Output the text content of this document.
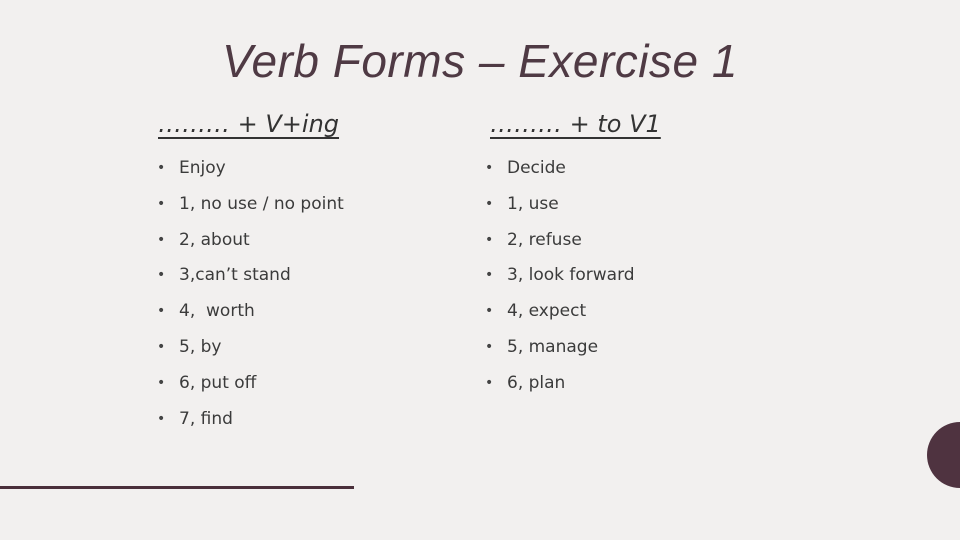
Verb Forms – Exercise 1
……… + V+ing	……… + to V1
• Enjoy
• 1, no use / no point
• 2, about
• 3,can’t stand
• 4,  worth
• 5, by
• 6, put off
• 7, find
• Decide
• 1, use
• 2, refuse
• 3, look forward
• 4, expect
• 5, manage
• 6, plan
